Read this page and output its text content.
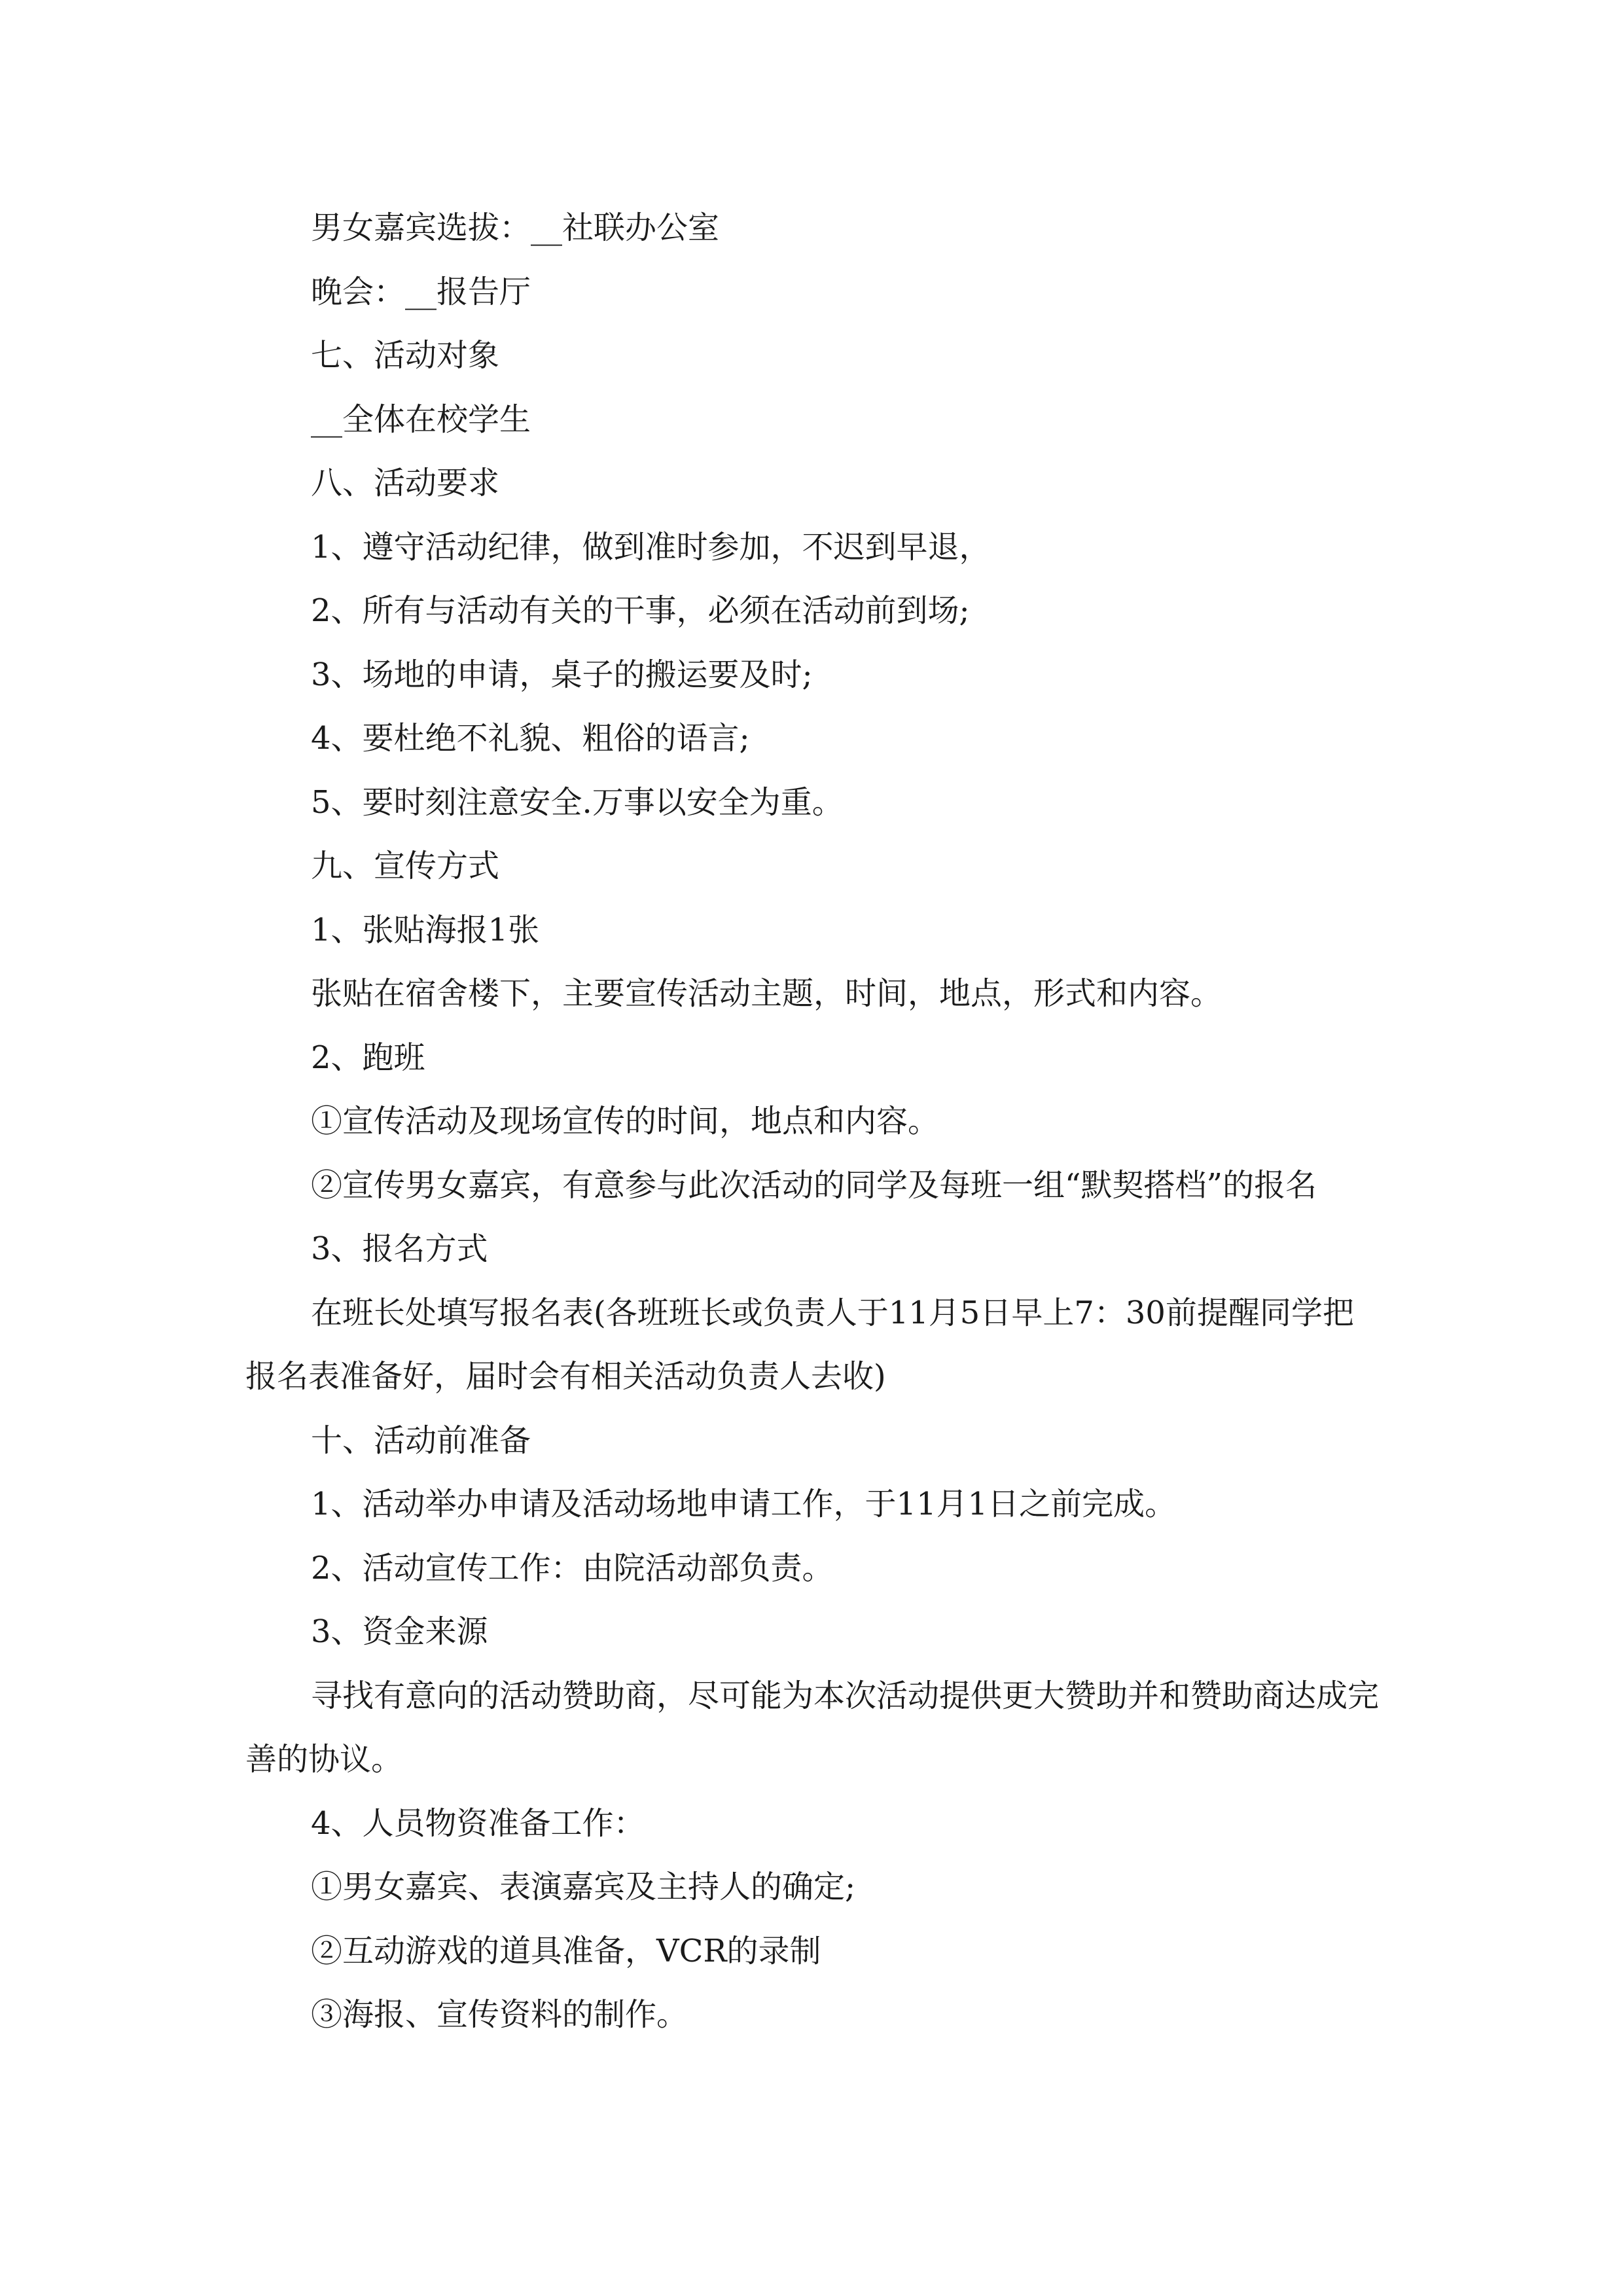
男女嘉宾选拔：__社联办公室

晚会：__报告厅

七、活动对象

__全体在校学生

八、活动要求

1、遵守活动纪律，做到准时参加，不迟到早退，

2、所有与活动有关的干事，必须在活动前到场;

3、场地的申请，桌子的搬运要及时;

4、要杜绝不礼貌、粗俗的语言;

5、要时刻注意安全.万事以安全为重。

九、宣传方式

1、张贴海报1张

张贴在宿舍楼下，主要宣传活动主题，时间，地点，形式和内容。

2、跑班

①宣传活动及现场宣传的时间，地点和内容。

②宣传男女嘉宾，有意参与此次活动的同学及每班一组“默契搭档”的报名

3、报名方式

在班长处填写报名表(各班班长或负责人于11月5日早上7：30前提醒同学把报名表准备好，届时会有相关活动负责人去收)

十、活动前准备

1、活动举办申请及活动场地申请工作，于11月1日之前完成。

2、活动宣传工作：由院活动部负责。

3、资金来源

寻找有意向的活动赞助商，尽可能为本次活动提供更大赞助并和赞助商达成完善的协议。

4、人员物资准备工作：

①男女嘉宾、表演嘉宾及主持人的确定;

②互动游戏的道具准备，VCR的录制

③海报、宣传资料的制作。
